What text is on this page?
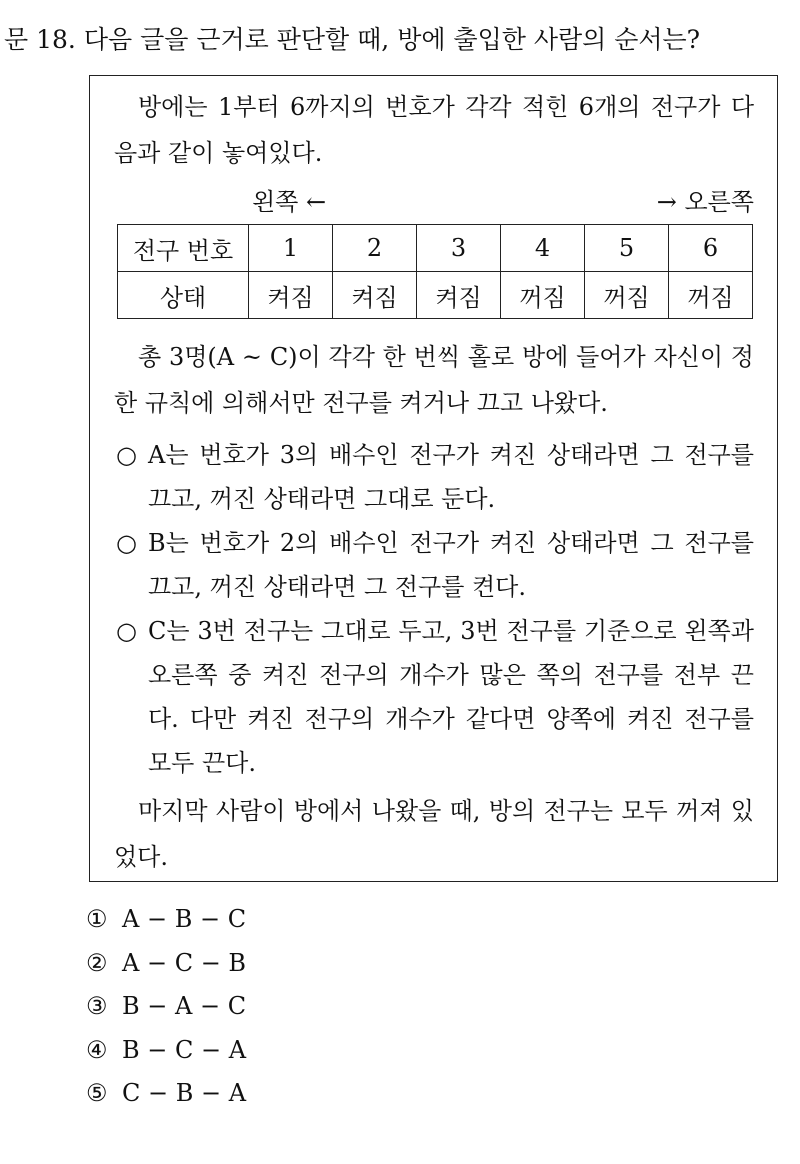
문 18. 다음 글을 근거로 판단할 때, 방에 출입한 사람의 순서는?
방에는 1부터 6까지의 번호가 각각 적힌 6개의 전구가 다음과 같이 놓여있다.
왼쪽 ←	→ 오른쪽
전구 번호	1	2	3	4	5	6
상태	켜짐	켜짐	켜짐	꺼짐	꺼짐	꺼짐
총 3명(A ~ C)이 각각 한 번씩 홀로 방에 들어가 자신이 정한 규칙에 의해서만 전구를 켜거나 끄고 나왔다.
○ A는 번호가 3의 배수인 전구가 켜진 상태라면 그 전구를 끄고, 꺼진 상태라면 그대로 둔다.
○ B는 번호가 2의 배수인 전구가 켜진 상태라면 그 전구를 끄고, 꺼진 상태라면 그 전구를 켠다.
○ C는 3번 전구는 그대로 두고, 3번 전구를 기준으로 왼쪽과 오른쪽 중 켜진 전구의 개수가 많은 쪽의 전구를 전부 끈다. 다만 켜진 전구의 개수가 같다면 양쪽에 켜진 전구를 모두 끈다.
마지막 사람이 방에서 나왔을 때, 방의 전구는 모두 꺼져 있었다.
① A − B − C
② A − C − B
③ B − A − C
④ B − C − A
⑤ C − B − A
